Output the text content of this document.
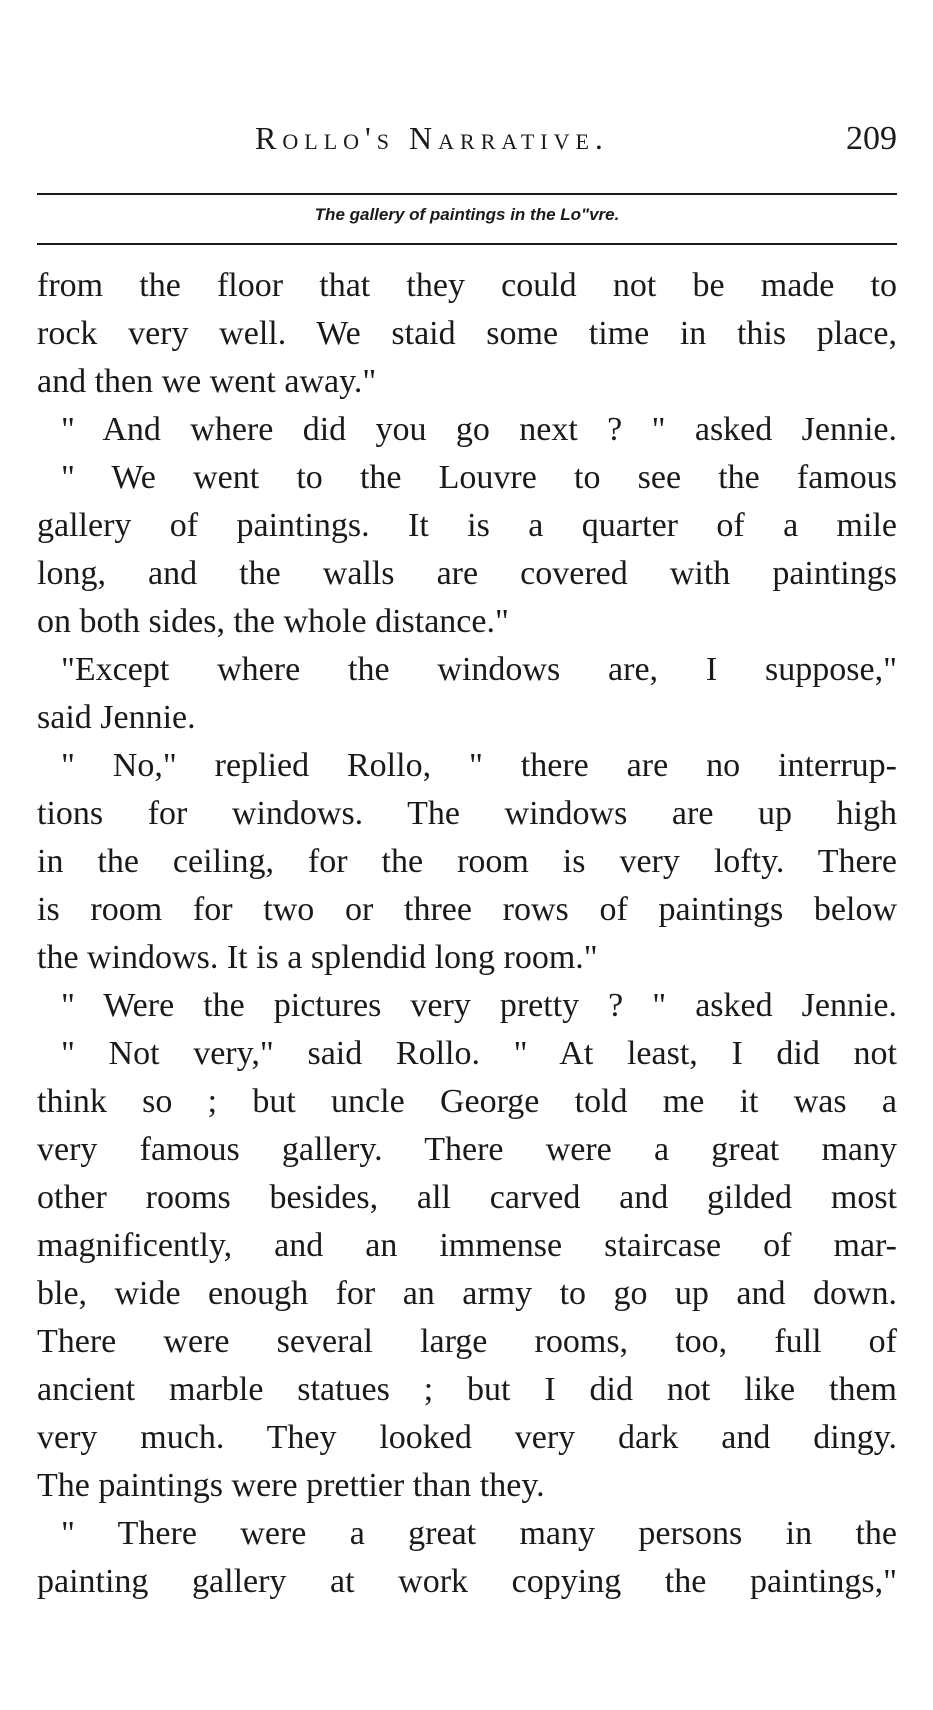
Rollo's Narrative.	209
The gallery of paintings in the Lo"vre.
from the floor that they could not be made to
rock very well. We staid some time in this place,
and then we went away."
" And where did you go next ? " asked Jennie.
" We went to the Louvre to see the famous
gallery of paintings. It is a quarter of a mile
long, and the walls are covered with paintings
on both sides, the whole distance."
"Except where the windows are, I suppose,"
said Jennie.
" No," replied Rollo, " there are no interrup-
tions for windows. The windows are up high
in the ceiling, for the room is very lofty. There
is room for two or three rows of paintings below
the windows. It is a splendid long room."
" Were the pictures very pretty ? " asked Jennie.
" Not very," said Rollo. " At least, I did not
think so ; but uncle George told me it was a
very famous gallery. There were a great many
other rooms besides, all carved and gilded most
magnificently, and an immense staircase of mar-
ble, wide enough for an army to go up and down.
There were several large rooms, too, full of
ancient marble statues ; but I did not like them
very much. They looked very dark and dingy.
The paintings were prettier than they.
" There were a great many persons in the
painting gallery at work copying the paintings,"
